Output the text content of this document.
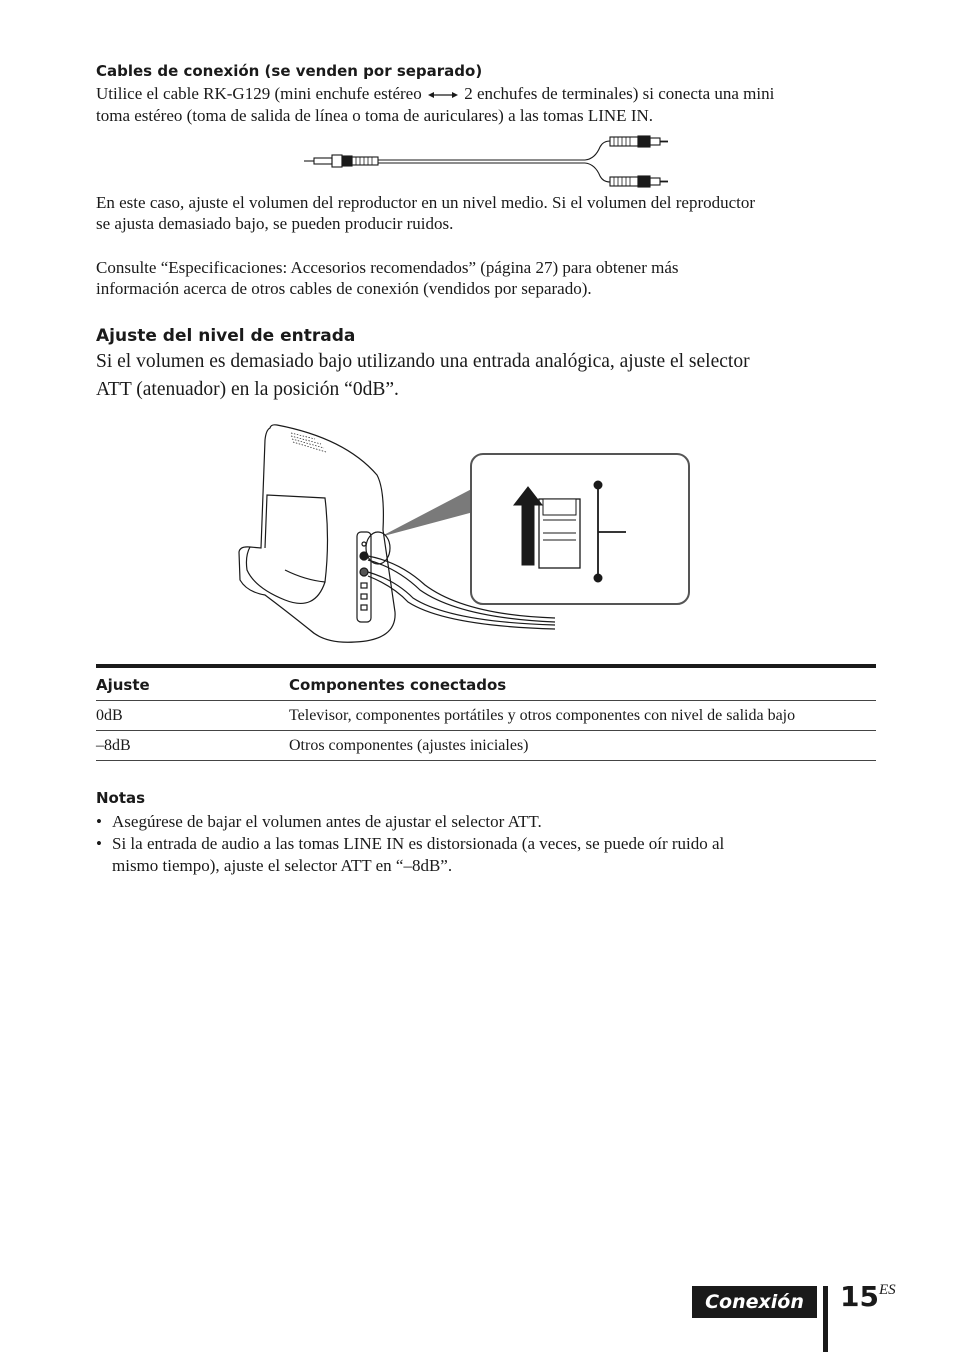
Cables de conexión (se venden por separado)
Utilice el cable RK-G129 (mini enchufe estéreo	2 enchufes de terminales) si conecta una mini
toma estéreo (toma de salida de línea o toma de auriculares) a las tomas LINE IN.
En este caso, ajuste el volumen del reproductor en un nivel medio. Si el volumen del reproductor
se ajusta demasiado bajo, se pueden producir ruidos.
Consulte “Especificaciones: Accesorios recomendados” (página 27) para obtener más
información acerca de otros cables de conexión (vendidos por separado).
Ajuste del nivel de entrada
Si el volumen es demasiado bajo utilizando una entrada analógica, ajuste el selector
ATT (atenuador) en la posición “0dB”.
Ajuste	Componentes conectados
0dB	Televisor, componentes portátiles y otros componentes con nivel de salida bajo
–8dB	Otros componentes (ajustes iniciales)
Notas
• Asegúrese de bajar el volumen antes de ajustar el selector ATT.
• Si la entrada de audio a las tomas LINE IN es distorsionada (a veces, se puede oír ruido al
mismo tiempo), ajuste el selector ATT en “–8dB”.
Conexión	15ES
